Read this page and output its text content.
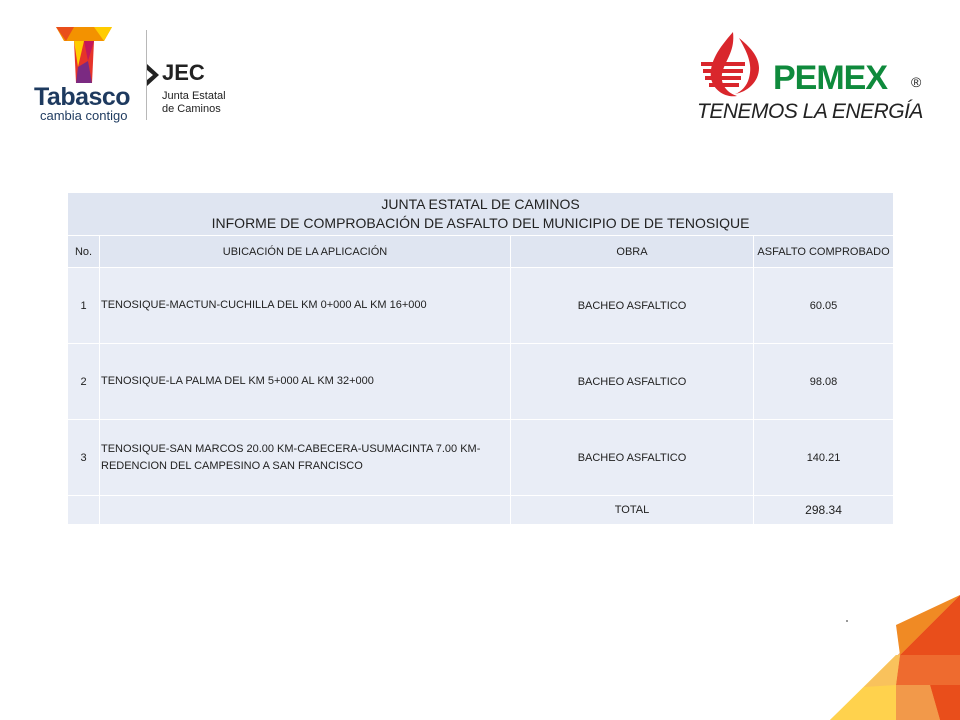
Tabasco
cambia contigo
JEC
Junta Estatal
de Caminos
PEMEX ®
TENEMOS LA ENERGÍA
JUNTA ESTATAL DE CAMINOS
INFORME DE COMPROBACIÓN DE ASFALTO DEL MUNICIPIO DE DE TENOSIQUE			

No.	UBICACIÓN DE LA APLICACIÓN	OBRA	ASFALTO COMPROBADO
1	TENOSIQUE-MACTUN-CUCHILLA DEL KM 0+000 AL KM 16+000	BACHEO ASFALTICO	60.05
2	TENOSIQUE-LA PALMA DEL KM 5+000 AL KM 32+000	BACHEO ASFALTICO	98.08
3	TENOSIQUE-SAN MARCOS 20.00 KM-CABECERA-USUMACINTA 7.00 KM-
REDENCION DEL CAMPESINO A SAN FRANCISCO	BACHEO ASFALTICO	140.21
		TOTAL	298.34
